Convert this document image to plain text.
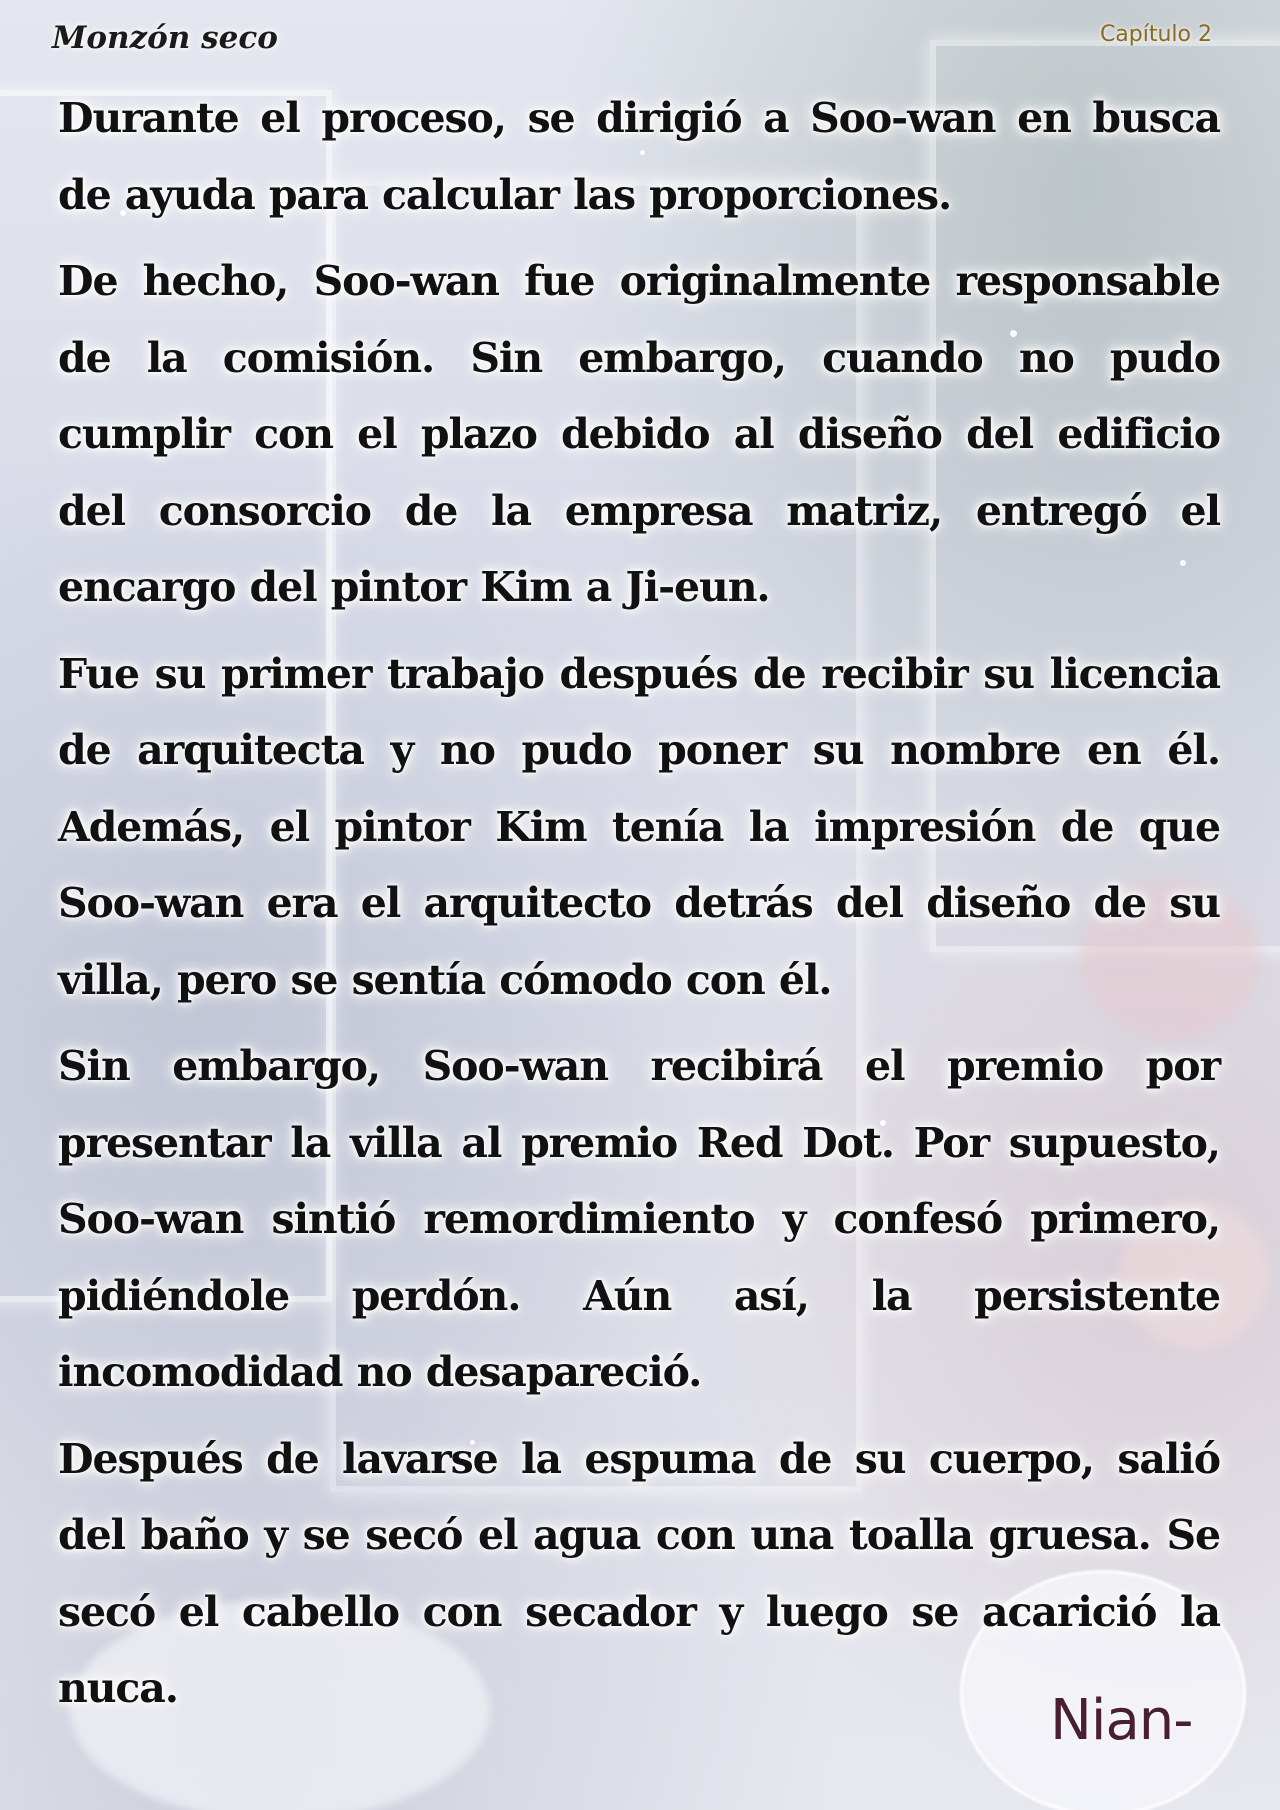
Monzón seco	Capítulo 2

Durante el proceso, se dirigió a Soo-wan en busca de ayuda para calcular las proporciones.

De hecho, Soo-wan fue originalmente responsable de la comisión. Sin embargo, cuando no pudo cumplir con el plazo debido al diseño del edificio del consorcio de la empresa matriz, entregó el encargo del pintor Kim a Ji-eun.

Fue su primer trabajo después de recibir su licencia de arquitecta y no pudo poner su nombre en él. Además, el pintor Kim tenía la impresión de que Soo-wan era el arquitecto detrás del diseño de su villa, pero se sentía cómodo con él.

Sin embargo, Soo-wan recibirá el premio por presentar la villa al premio Red Dot. Por supuesto, Soo-wan sintió remordimiento y confesó primero, pidiéndole perdón. Aún así, la persistente incomodidad no desapareció.

Después de lavarse la espuma de su cuerpo, salió del baño y se secó el agua con una toalla gruesa. Se secó el cabello con secador y luego se acarició la nuca.	Nian-
